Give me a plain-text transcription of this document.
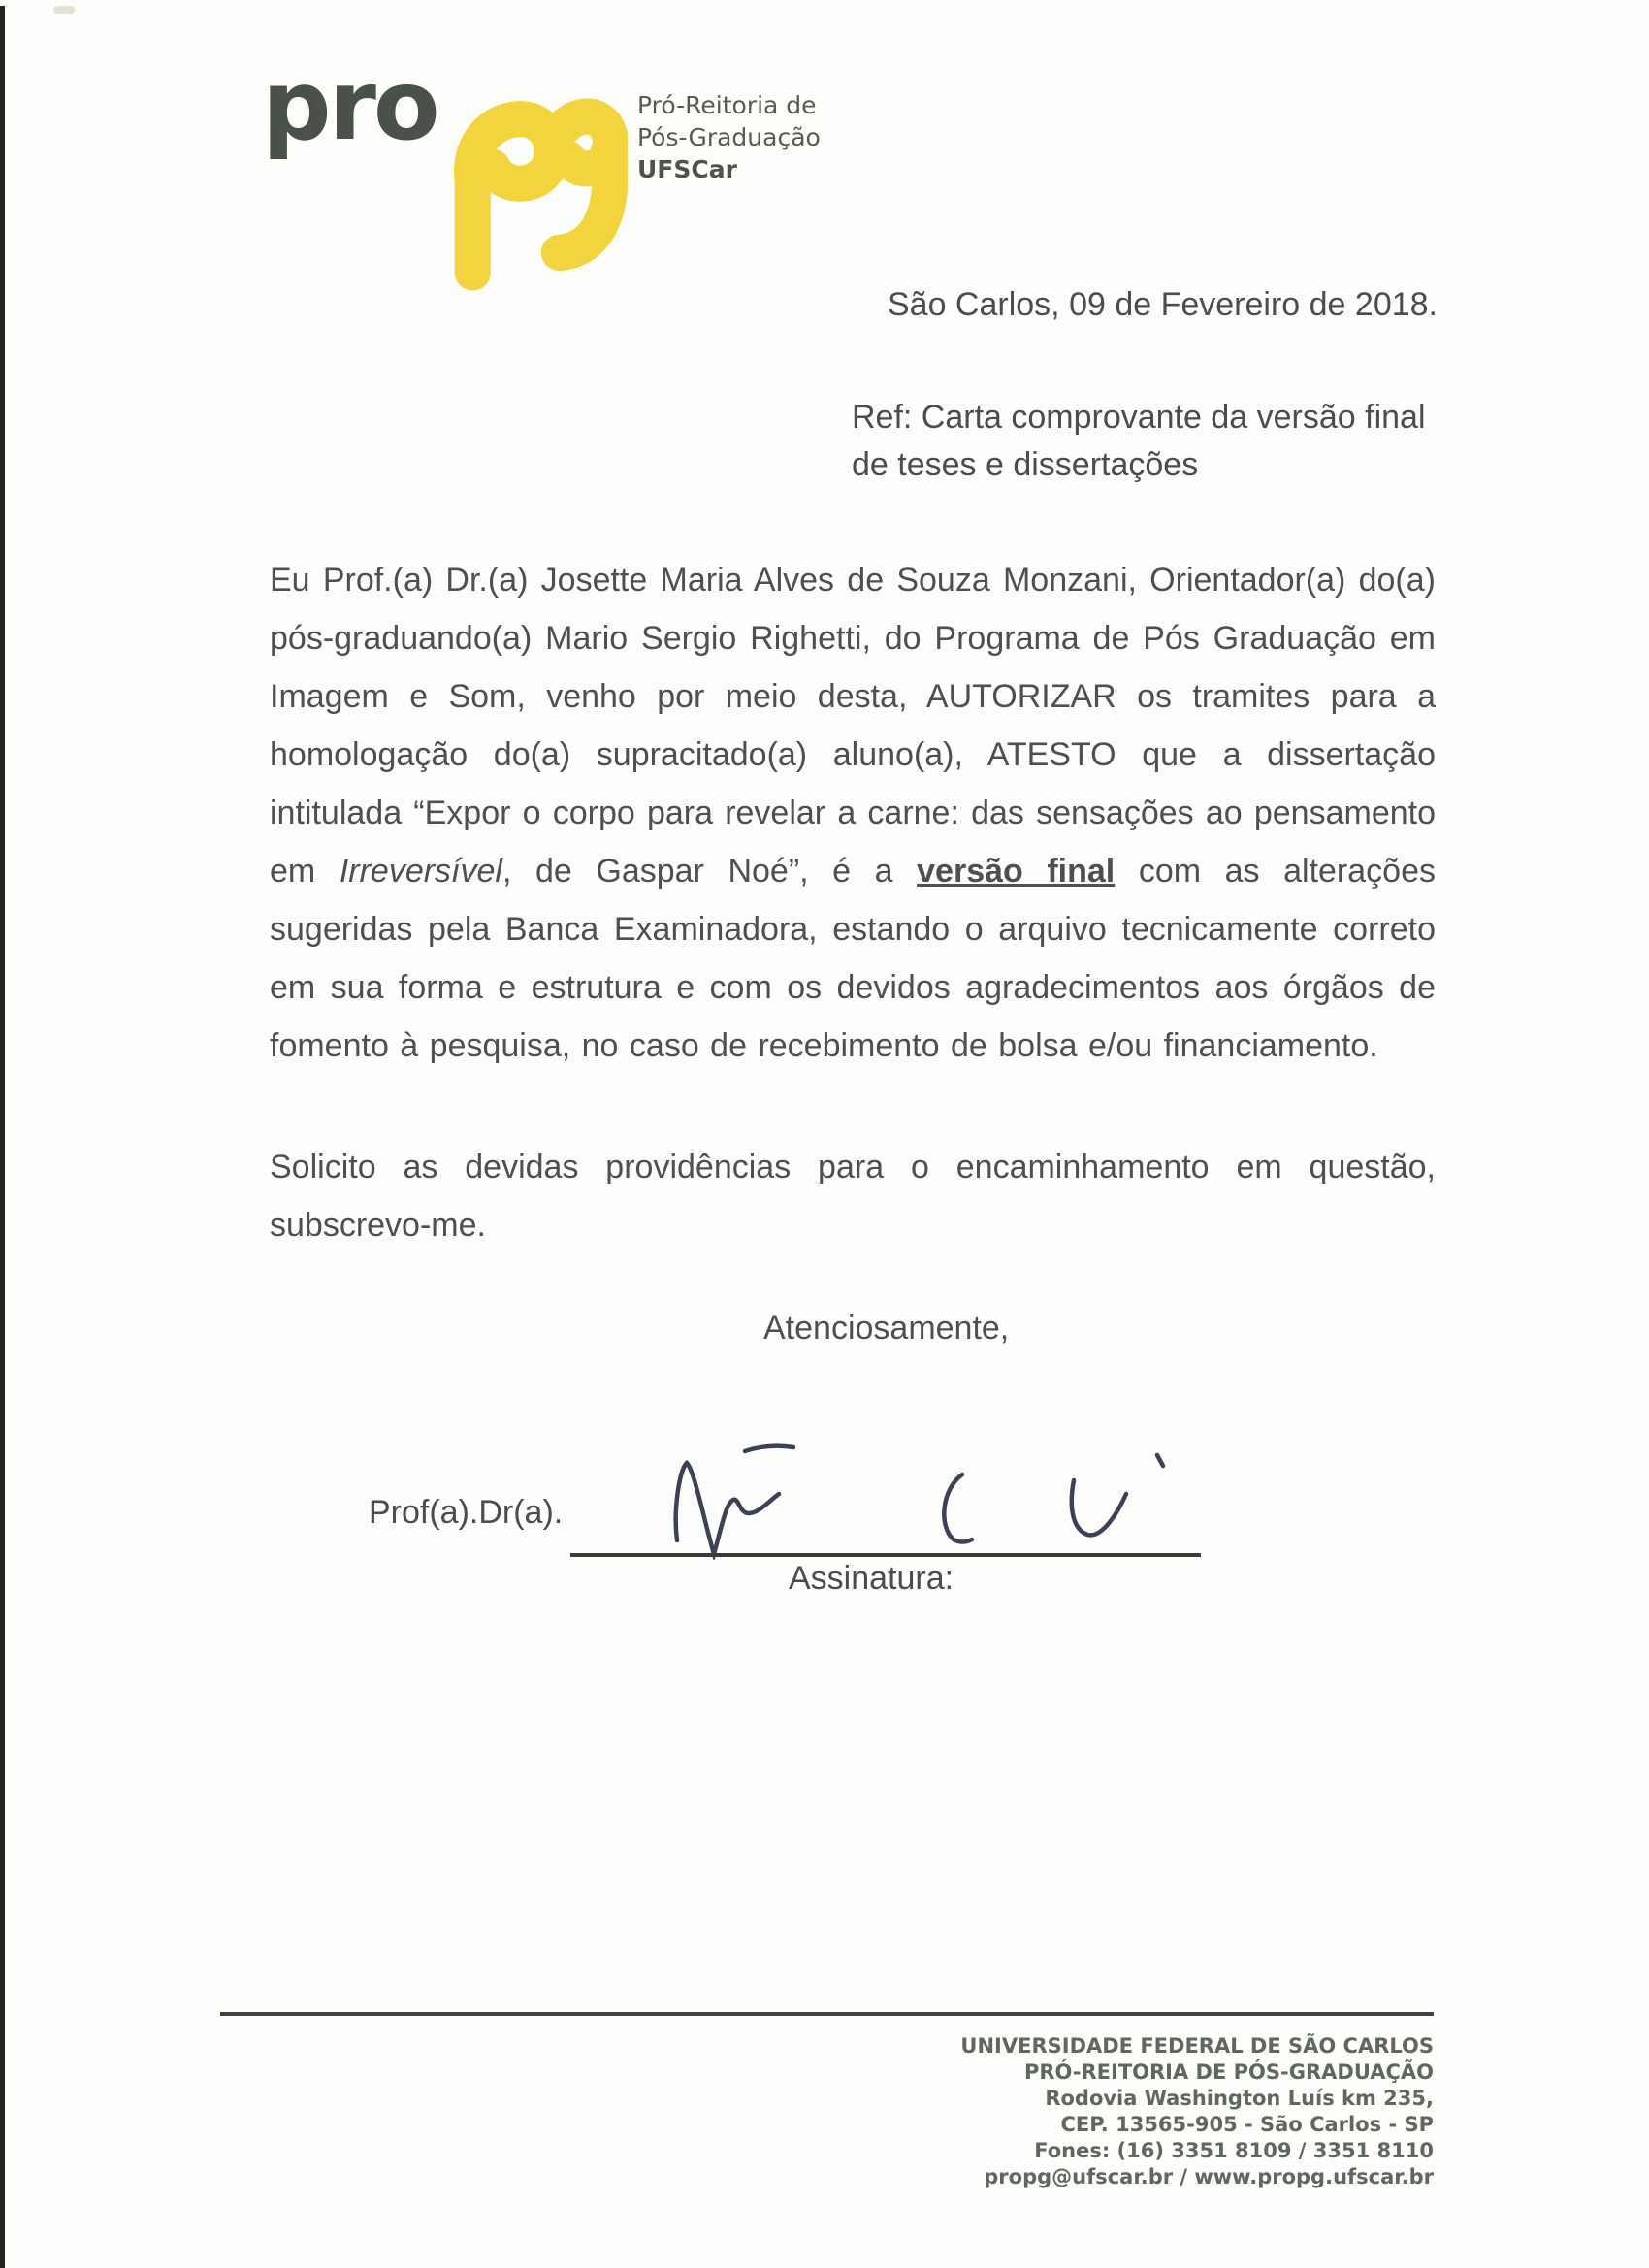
pro	Pró-Reitoria de
Pós-Graduação
UFSCar
São Carlos, 09 de Fevereiro de 2018.
Ref: Carta comprovante da versão final
de teses e dissertações

Eu Prof.(a) Dr.(a) Josette Maria Alves de Souza Monzani, Orientador(a) do(a) pós-graduando(a) Mario Sergio Righetti, do Programa de Pós Graduação em Imagem e Som, venho por meio desta, AUTORIZAR os tramites para a homologação do(a) supracitado(a) aluno(a), ATESTO que a dissertação intitulada “Expor o corpo para revelar a carne: das sensações ao pensamento em Irreversível, de Gaspar Noé”, é a versão final com as alterações sugeridas pela Banca Examinadora, estando o arquivo tecnicamente correto em sua forma e estrutura e com os devidos agradecimentos aos órgãos de fomento à pesquisa, no caso de recebimento de bolsa e/ou financiamento.

Solicito as devidas providências para o encaminhamento em questão, subscrevo-me.

Atenciosamente,
Prof(a).Dr(a).
Assinatura:
UNIVERSIDADE FEDERAL DE SÃO CARLOS
PRÓ-REITORIA DE PÓS-GRADUAÇÃO
Rodovia Washington Luís km 235,
CEP. 13565-905 - São Carlos - SP
Fones: (16) 3351 8109 / 3351 8110
propg@ufscar.br / www.propg.ufscar.br
